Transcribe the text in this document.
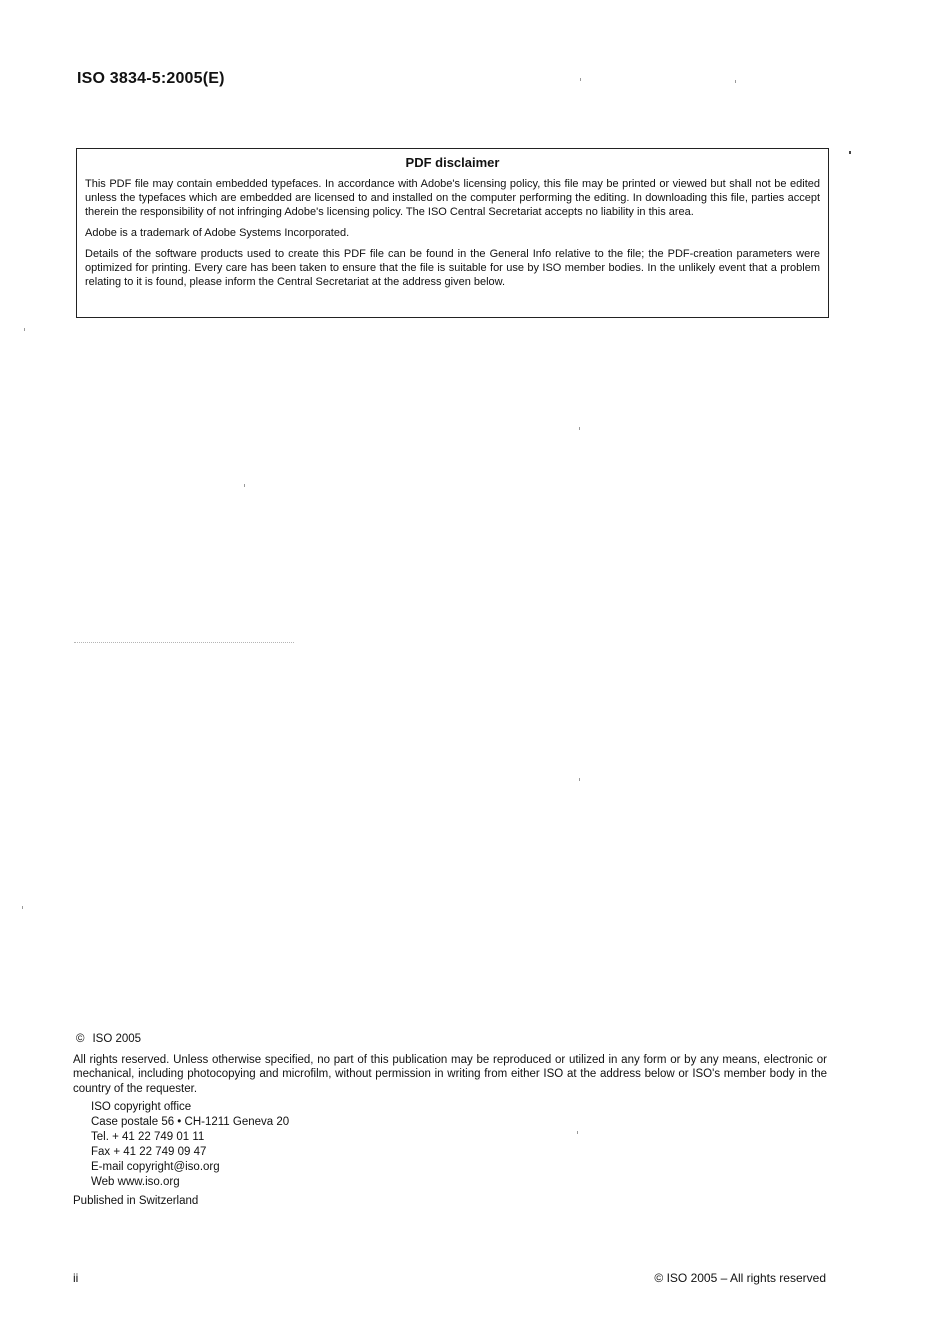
ISO 3834-5:2005(E)
PDF disclaimer

This PDF file may contain embedded typefaces. In accordance with Adobe's licensing policy, this file may be printed or viewed but shall not be edited unless the typefaces which are embedded are licensed to and installed on the computer performing the editing. In downloading this file, parties accept therein the responsibility of not infringing Adobe's licensing policy. The ISO Central Secretariat accepts no liability in this area.

Adobe is a trademark of Adobe Systems Incorporated.

Details of the software products used to create this PDF file can be found in the General Info relative to the file; the PDF-creation parameters were optimized for printing. Every care has been taken to ensure that the file is suitable for use by ISO member bodies. In the unlikely event that a problem relating to it is found, please inform the Central Secretariat at the address given below.

© ISO 2005

All rights reserved. Unless otherwise specified, no part of this publication may be reproduced or utilized in any form or by any means, electronic or mechanical, including photocopying and microfilm, without permission in writing from either ISO at the address below or ISO's member body in the country of the requester.

ISO copyright office
Case postale 56 • CH-1211 Geneva 20
Tel. + 41 22 749 01 11
Fax + 41 22 749 09 47
E-mail copyright@iso.org
Web www.iso.org
Published in Switzerland
ii	© ISO 2005 – All rights reserved
